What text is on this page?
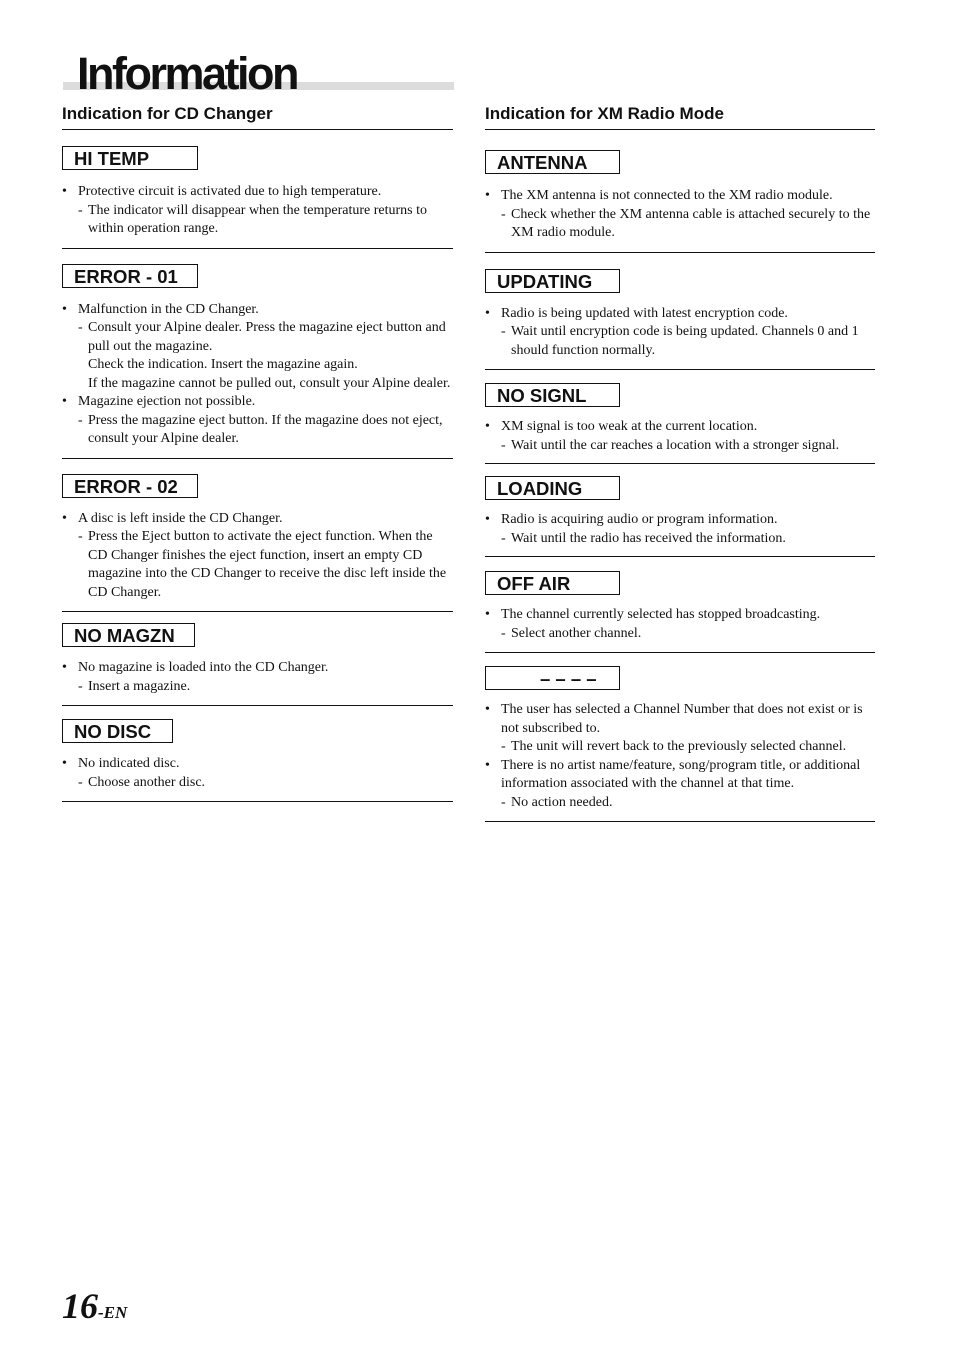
Information
Indication for CD Changer
HI TEMP
• Protective circuit is activated due to high temperature.
- The indicator will disappear when the temperature returns to within operation range.
ERROR - 01
• Malfunction in the CD Changer.
- Consult your Alpine dealer. Press the magazine eject button and pull out the magazine.
Check the indication. Insert the magazine again.
If the magazine cannot be pulled out, consult your Alpine dealer.
• Magazine ejection not possible.
- Press the magazine eject button. If the magazine does not eject, consult your Alpine dealer.
ERROR - 02
• A disc is left inside the CD Changer.
- Press the Eject button to activate the eject function. When the CD Changer finishes the eject function, insert an empty CD magazine into the CD Changer to receive the disc left inside the CD Changer.
NO MAGZN
• No magazine is loaded into the CD Changer.
- Insert a magazine.
NO DISC
• No indicated disc.
- Choose another disc.
Indication for XM Radio Mode
ANTENNA
• The XM antenna is not connected to the XM radio module.
- Check whether the XM antenna cable is attached securely to the XM radio module.
UPDATING
• Radio is being updated with latest encryption code.
- Wait until encryption code is being updated. Channels 0 and 1 should function normally.
NO SIGNL
• XM signal is too weak at the current location.
- Wait until the car reaches a location with a stronger signal.
LOADING
• Radio is acquiring audio or program information.
- Wait until the radio has received the information.
OFF AIR
• The channel currently selected has stopped broadcasting.
- Select another channel.
– – – –
• The user has selected a Channel Number that does not exist or is not subscribed to.
- The unit will revert back to the previously selected channel.
• There is no artist name/feature, song/program title, or additional information associated with the channel at that time.
- No action needed.
16-EN
